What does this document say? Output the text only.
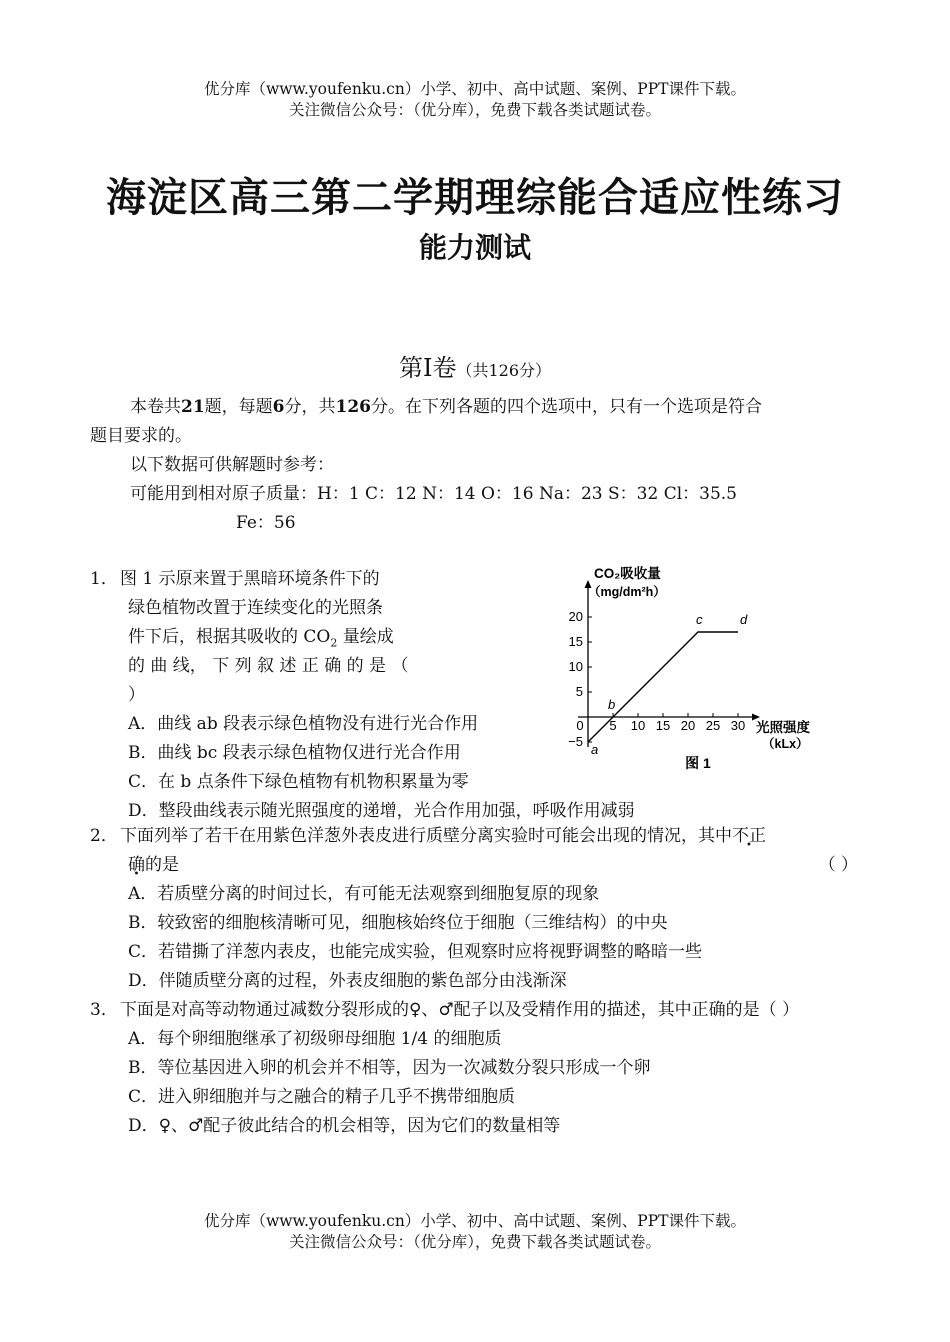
优分库（www.youfenku.cn）小学、初中、高中试题、案例、PPT课件下载。
关注微信公众号：（优分库），免费下载各类试题试卷。
海淀区高三第二学期理综能合适应性练习
能力测试
第Ⅰ卷（共126分）
本卷共21题，每题6分，共126分。在下列各题的四个选项中，只有一个选项是符合
题目要求的。
以下数据可供解题时参考：
可能用到相对原子质量：H：1 C：12 N：14 O：16 Na：23 S：32 Cl：35.5
Fe：56
1． 图 1 示原来置于黑暗环境条件下的
绿色植物改置于连续变化的光照条
件下后，根据其吸收的 $CO_2$ 量绘成
的 曲 线， 下 列 叙 述 正 确 的 是 （
）
A．曲线 ab 段表示绿色植物没有进行光合作用
B．曲线 bc 段表示绿色植物仅进行光合作用
C．在 b 点条件下绿色植物有机物积累量为零
D．整段曲线表示随光照强度的递增，光合作用加强，呼吸作用减弱
0 5 10 15 20 25 30
−5
5
10
15
20
a
b
c	d
CO₂吸收量
（mg/dm²h）
光照强度
（kLx）
图 1
2． 下面列举了若干在用紫色洋葱外表皮进行质壁分离实验时可能会出现的情况，其中不正
确的是	（ ）
A．若质壁分离的时间过长，有可能无法观察到细胞复原的现象
B．较致密的细胞核清晰可见，细胞核始终位于细胞（三维结构）的中央
C．若错撕了洋葱内表皮，也能完成实验，但观察时应将视野调整的略暗一些
D．伴随质壁分离的过程，外表皮细胞的紫色部分由浅渐深
3． 下面是对高等动物通过减数分裂形成的♀、♂配子以及受精作用的描述，其中正确的是（ ）
A．每个卵细胞继承了初级卵母细胞 1/4 的细胞质
B．等位基因进入卵的机会并不相等，因为一次减数分裂只形成一个卵
C．进入卵细胞并与之融合的精子几乎不携带细胞质
D．♀、♂配子彼此结合的机会相等，因为它们的数量相等
优分库（www.youfenku.cn）小学、初中、高中试题、案例、PPT课件下载。
关注微信公众号：（优分库），免费下载各类试题试卷。
